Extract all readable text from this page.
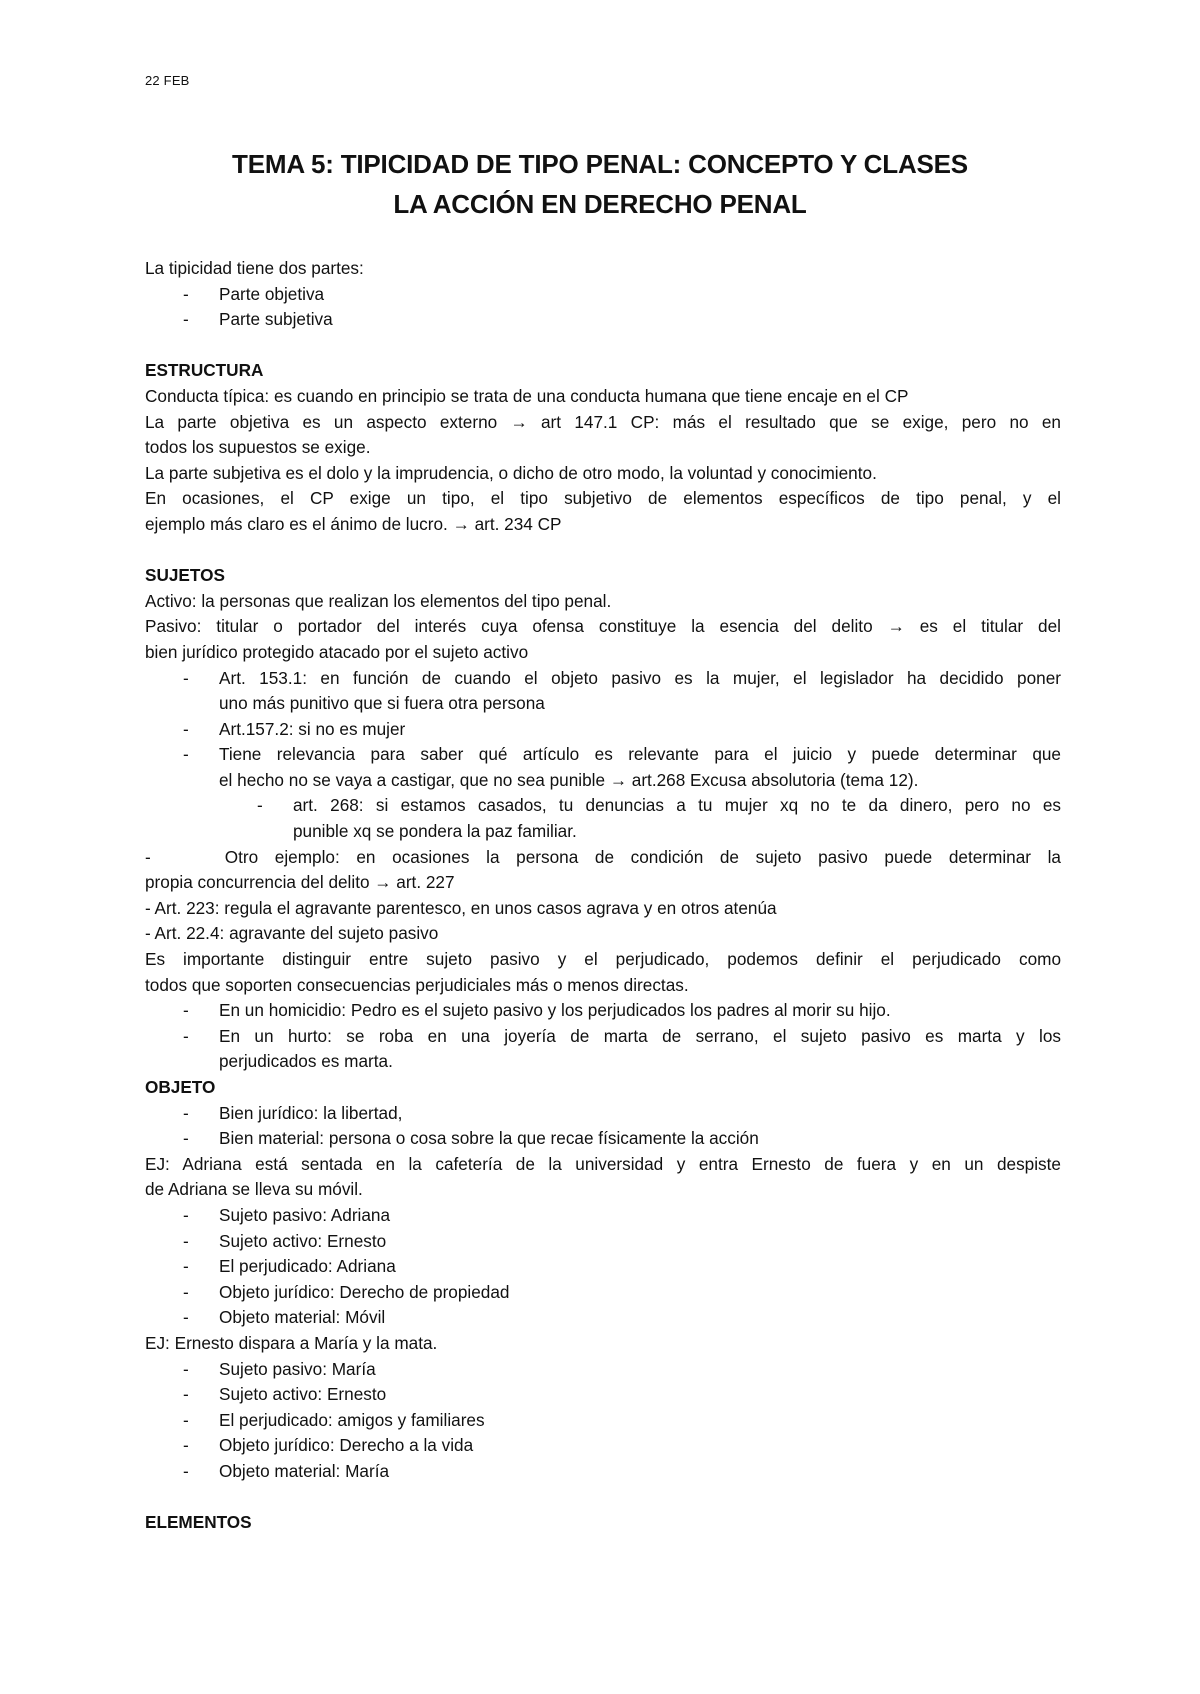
22 FEB
TEMA 5: TIPICIDAD DE TIPO PENAL: CONCEPTO Y CLASES
LA ACCIÓN EN DERECHO PENAL

La tipicidad tiene dos partes:

- Parte objetiva

- Parte subjetiva

ESTRUCTURA

Conducta típica: es cuando en principio se trata de una conducta humana que tiene encaje en el CP

La parte objetiva es un aspecto externo → art 147.1 CP: más el resultado que se exige, pero no en

todos los supuestos se exige.

La parte subjetiva es el dolo y la imprudencia, o dicho de otro modo, la voluntad y conocimiento.

En ocasiones, el CP exige un tipo, el tipo subjetivo de elementos específicos de tipo penal, y el

ejemplo más claro es el ánimo de lucro. → art. 234 CP

SUJETOS

Activo: la personas que realizan los elementos del tipo penal.

Pasivo: titular o portador del interés cuya ofensa constituye la esencia del delito → es el titular del

bien jurídico protegido atacado por el sujeto activo

- Art. 153.1: en función de cuando el objeto pasivo es la mujer, el legislador ha decidido poner

uno más punitivo que si fuera otra persona

- Art.157.2: si no es mujer

- Tiene relevancia para saber qué artículo es relevante para el juicio y puede determinar que

el hecho no se vaya a castigar, que no sea punible → art.268 Excusa absolutoria (tema 12).

- art. 268: si estamos casados, tu denuncias a tu mujer xq no te da dinero, pero no es

punible xq se pondera la paz familiar.

-	Otro ejemplo: en ocasiones la persona de condición de sujeto pasivo puede determinar la

propia concurrencia del delito → art. 227

- Art. 223: regula el agravante parentesco, en unos casos agrava y en otros atenúa

- Art. 22.4: agravante del sujeto pasivo

Es importante distinguir entre sujeto pasivo y el perjudicado, podemos definir el perjudicado como

todos que soporten consecuencias perjudiciales más o menos directas.

- En un homicidio: Pedro es el sujeto pasivo y los perjudicados los padres al morir su hijo.

- En un hurto: se roba en una joyería de marta de serrano, el sujeto pasivo es marta y los

perjudicados es marta.

OBJETO

- Bien jurídico: la libertad,

- Bien material: persona o cosa sobre la que recae físicamente la acción

EJ: Adriana está sentada en la cafetería de la universidad y entra Ernesto de fuera y en un despiste

de Adriana se lleva su móvil.

- Sujeto pasivo: Adriana

- Sujeto activo: Ernesto

- El perjudicado: Adriana

- Objeto jurídico: Derecho de propiedad

- Objeto material: Móvil

EJ: Ernesto dispara a María y la mata.

- Sujeto pasivo: María

- Sujeto activo: Ernesto

- El perjudicado: amigos y familiares

- Objeto jurídico: Derecho a la vida

- Objeto material: María

ELEMENTOS
